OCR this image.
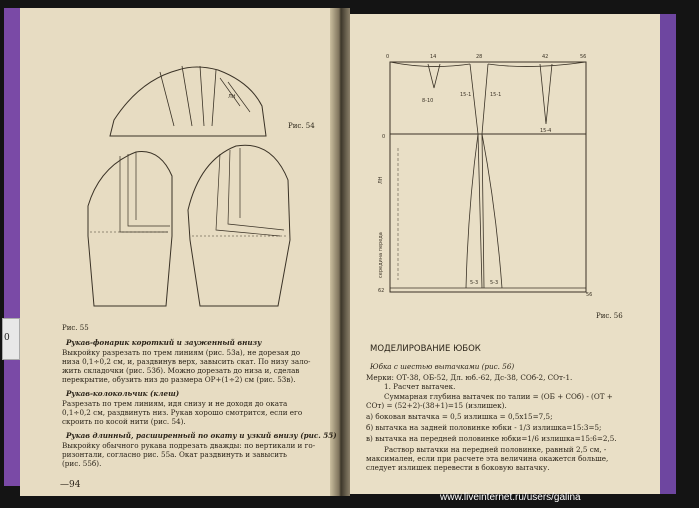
0
ЛН

Рис. 54

Рис. 55

Рукав-фонарик короткий и зауженный внизу

Выкройку разрезать по трем линиям (рис. 53а), не дорезая до

низа 0,1÷0,2 см, и, раздвинув верх, завысить скат. По низу зало-

жить складочки (рис. 53б). Можно дорезать до низа и, сделав

перекрытие, обузить низ до размера ОР+(1÷2) см (рис. 53в).

Рукав-колокольчик (клеш)

Разрезать по трем линиям, идя снизу и не доходя до оката

0,1÷0,2 см, раздвинуть низ. Рукав хорошо смотрится, если его

скроить по косой нити (рис. 54).

Рукав длинный, расширенный по окату и узкий внизу (рис. 55)

Выкройку обычного рукава подрезать дважды: по вертикали и го-

ризонтали, согласно рис. 55а. Окат раздвинуть и завысить

(рис. 55б).

—94
0	14	28	42	56
8-10
15-1	15-1
15-4
5-3 5-3
0
62
56
ЛН
середина переда

Рис. 56

МОДЕЛИРОВАНИЕ ЮБОК

Юбка с шестью вытачками (рис. 56)

Мерки: ОТ-38, ОБ-52, Дл. юб.-62, Дс-38, СОб-2, СОт-1.

1. Расчет вытачек.

Суммарная глубина вытачек по талии = (ОБ + СОб) - (ОТ +

СОт) = (52+2)-(38+1)=15 (излишек).

а) боковая вытачка = 0,5 излишка = 0,5х15=7,5;

б) вытачка на задней половинке юбки - 1/3 излишка=15:3=5;

в) вытачка на передней половинке юбки=1/6 излишка=15:6=2,5.

Раствор вытачки на передней половинке, равный 2,5 см, -

максимален, если при расчете эта величина окажется больше,

следует излишек перевести в боковую вытачку.

www.liveinternet.ru/users/galina
